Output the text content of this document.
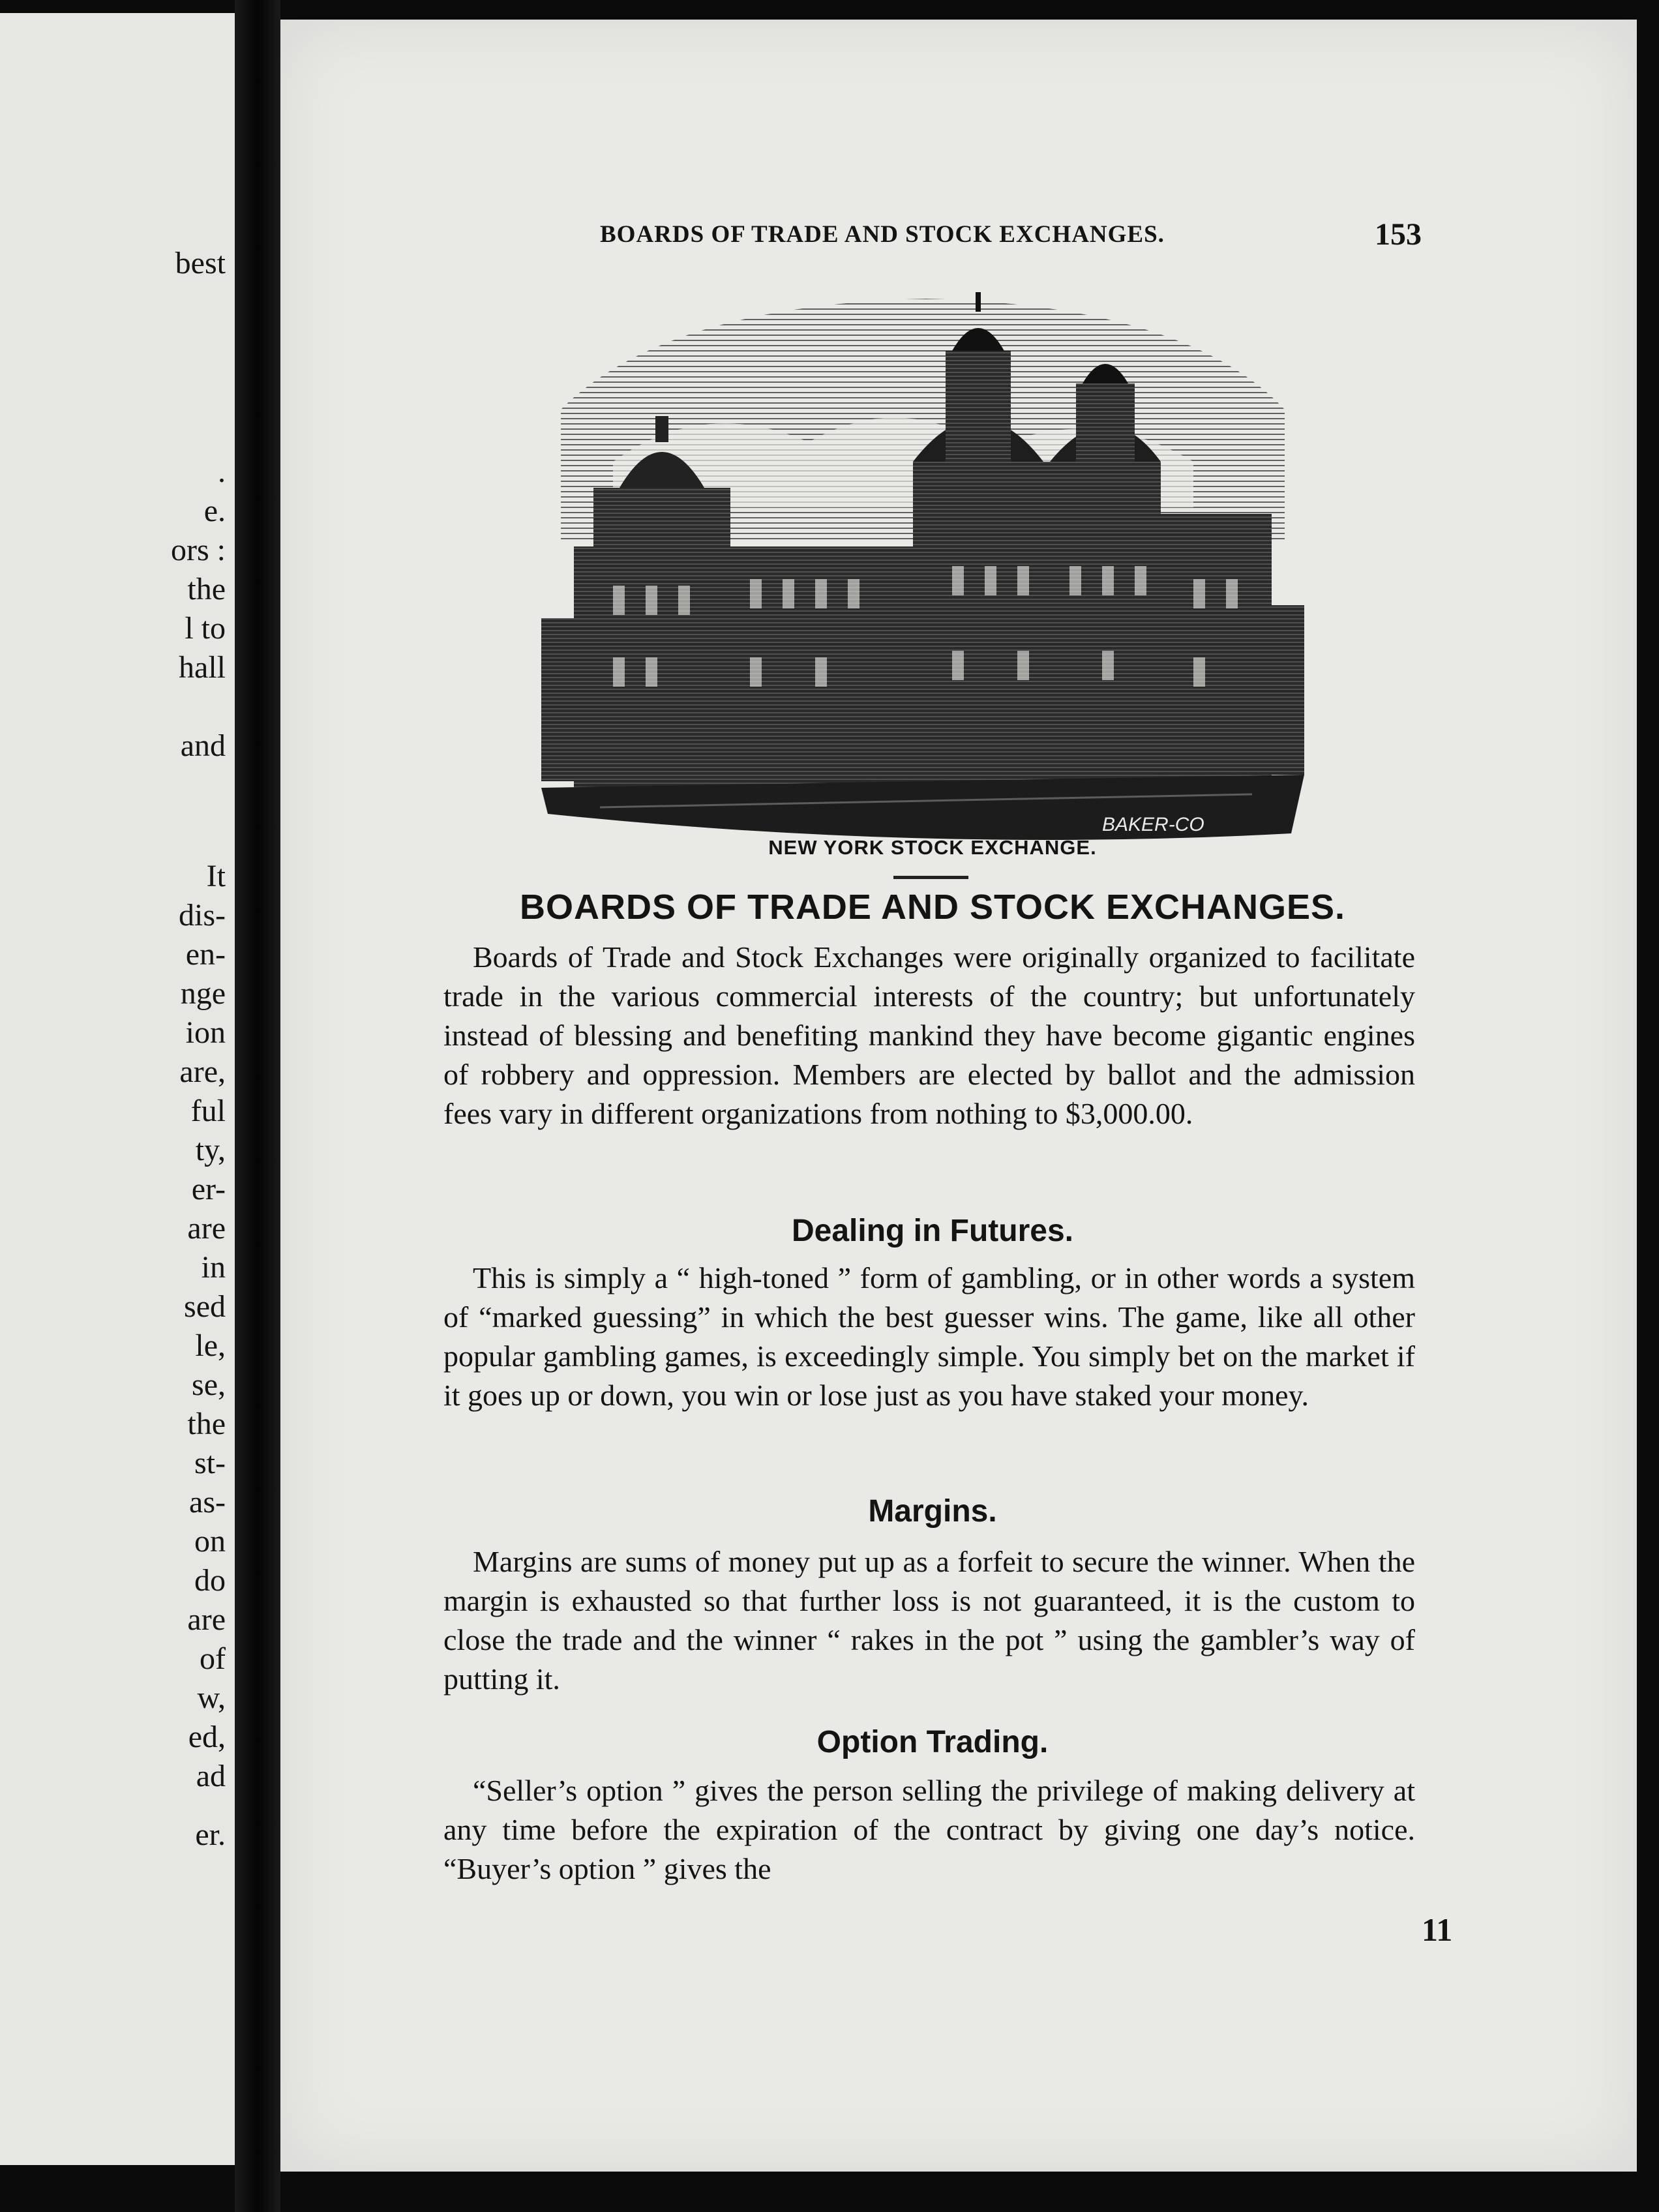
best
.
e.
ors :
the
l to
hall
and
It
dis-
en-
nge
ion
are,
ful
ty,
er-
are
in
sed
le,
se,
the
st-
as-
on
do
are
of
w,
ed,
ad
er.
BOARDS OF TRADE AND STOCK EXCHANGES.	153
BAKER-CO
NEW YORK STOCK EXCHANGE.
BOARDS OF TRADE AND STOCK EXCHANGES.
Boards of Trade and Stock Exchanges were originally organized to facilitate trade in the various commercial interests of the country; but unfortunately instead of blessing and benefiting mankind they have become gigantic engines of robbery and oppression. Members are elected by ballot and the admission fees vary in different organizations from nothing to $3,000.00.
Dealing in Futures.
This is simply a “ high-toned ” form of gambling, or in other words a system of “marked guessing” in which the best guesser wins. The game, like all other popular gambling games, is exceedingly simple. You simply bet on the market if it goes up or down, you win or lose just as you have staked your money.
Margins.
Margins are sums of money put up as a forfeit to secure the winner. When the margin is exhausted so that further loss is not guaranteed, it is the custom to close the trade and the winner “ rakes in the pot ” using the gambler’s way of putting it.
Option Trading.
“Seller’s option ” gives the person selling the privilege of making delivery at any time before the expiration of the contract by giving one day’s notice. “Buyer’s option ” gives the
11
